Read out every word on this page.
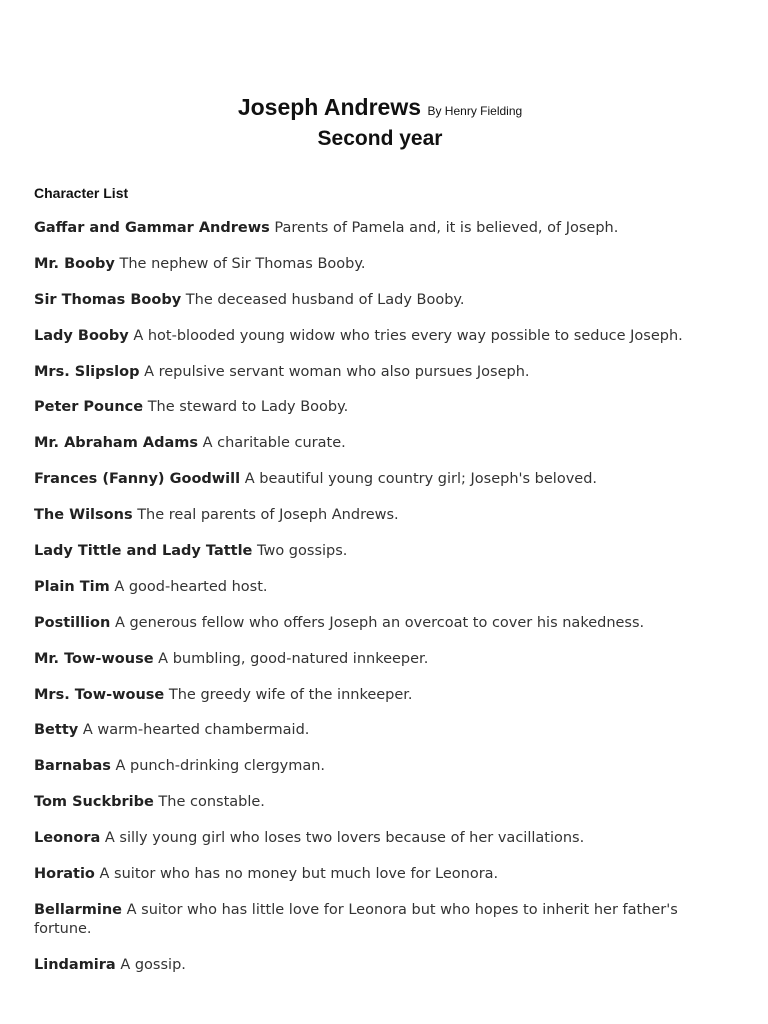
Joseph Andrews By Henry Fielding
Second year
Character List
Gaffar and Gammar Andrews Parents of Pamela and, it is believed, of Joseph.
Mr. Booby The nephew of Sir Thomas Booby.
Sir Thomas Booby The deceased husband of Lady Booby.
Lady Booby A hot-blooded young widow who tries every way possible to seduce Joseph.
Mrs. Slipslop A repulsive servant woman who also pursues Joseph.
Peter Pounce The steward to Lady Booby.
Mr. Abraham Adams A charitable curate.
Frances (Fanny) Goodwill A beautiful young country girl; Joseph's beloved.
The Wilsons The real parents of Joseph Andrews.
Lady Tittle and Lady Tattle Two gossips.
Plain Tim A good-hearted host.
Postillion A generous fellow who offers Joseph an overcoat to cover his nakedness.
Mr. Tow-wouse A bumbling, good-natured innkeeper.
Mrs. Tow-wouse The greedy wife of the innkeeper.
Betty A warm-hearted chambermaid.
Barnabas A punch-drinking clergyman.
Tom Suckbribe The constable.
Leonora A silly young girl who loses two lovers because of her vacillations.
Horatio A suitor who has no money but much love for Leonora.
Bellarmine A suitor who has little love for Leonora but who hopes to inherit her father's fortune.
Lindamira A gossip.
